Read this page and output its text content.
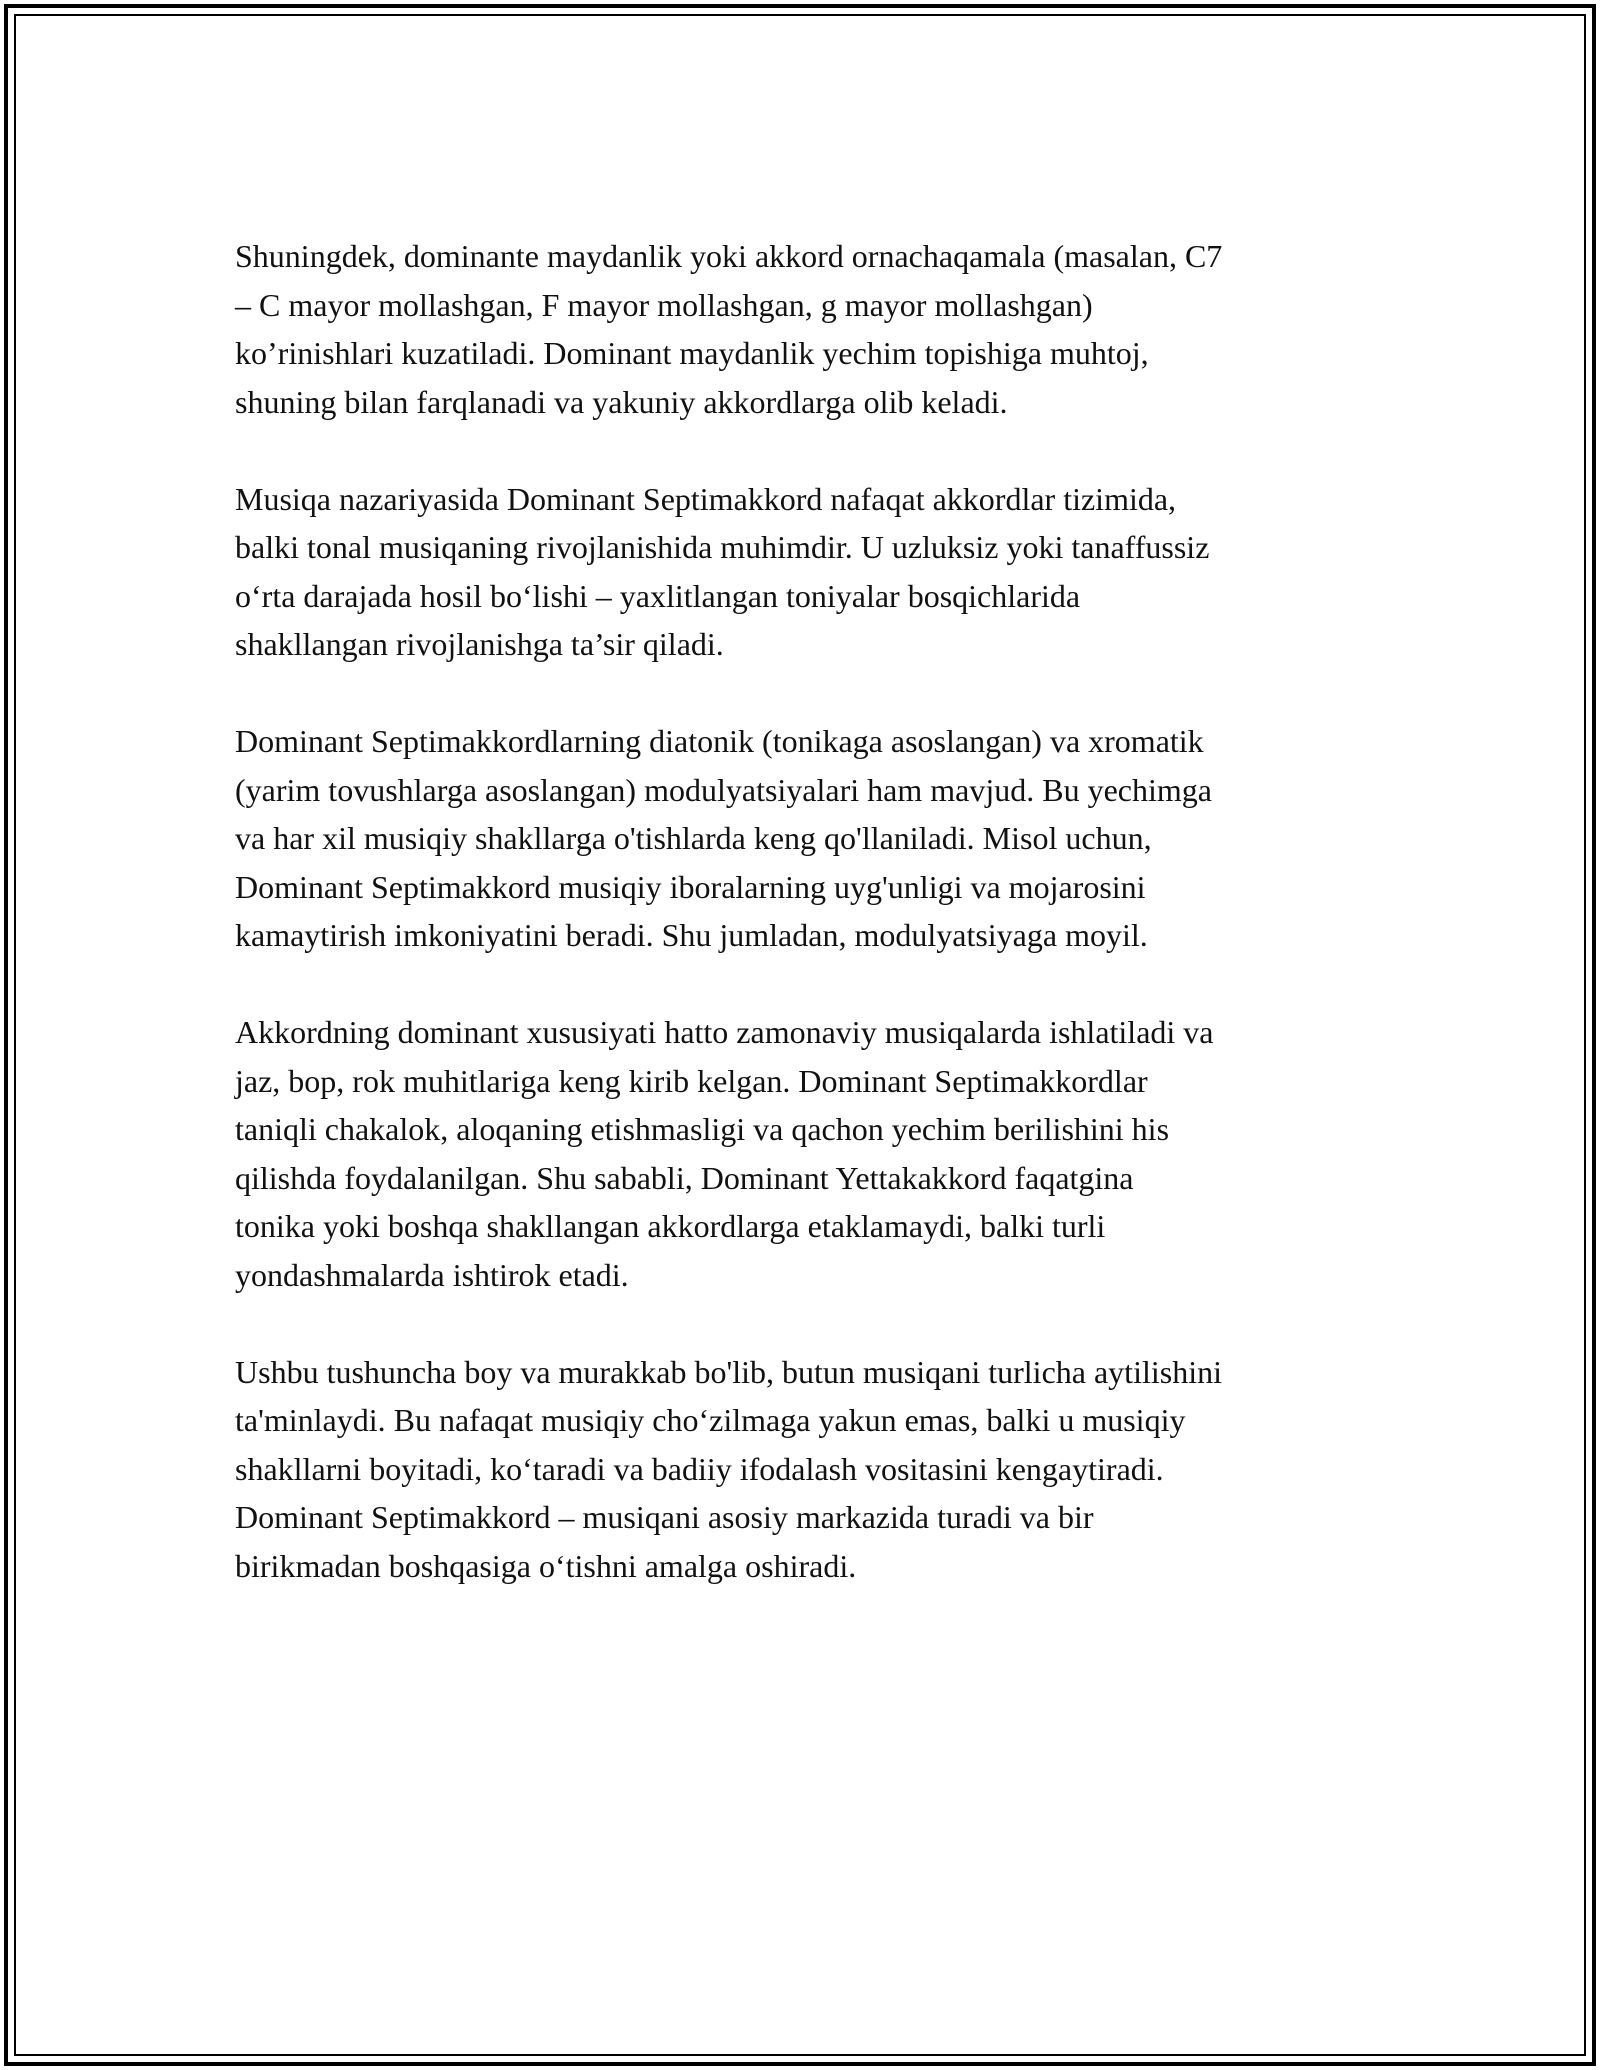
Shuningdek, dominante maydanlik yoki akkord ornachaqamala (masalan, C7
– C mayor mollashgan, F mayor mollashgan, g mayor mollashgan)
ko’rinishlari kuzatiladi. Dominant maydanlik yechim topishiga muhtoj,
shuning bilan farqlanadi va yakuniy akkordlarga olib keladi.

Musiqa nazariyasida Dominant Septimakkord nafaqat akkordlar tizimida,
balki tonal musiqaning rivojlanishida muhimdir. U uzluksiz yoki tanaffussiz
o‘rta darajada hosil bo‘lishi – yaxlitlangan toniyalar bosqichlarida
shakllangan rivojlanishga ta’sir qiladi.

Dominant Septimakkordlarning diatonik (tonikaga asoslangan) va xromatik
(yarim tovushlarga asoslangan) modulyatsiyalari ham mavjud. Bu yechimga
va har xil musiqiy shakllarga o'tishlarda keng qo'llaniladi. Misol uchun,
Dominant Septimakkord musiqiy iboralarning uyg'unligi va mojarosini
kamaytirish imkoniyatini beradi. Shu jumladan, modulyatsiyaga moyil.

Akkordning dominant xususiyati hatto zamonaviy musiqalarda ishlatiladi va
jaz, bop, rok muhitlariga keng kirib kelgan. Dominant Septimakkordlar
taniqli chakalok, aloqaning etishmasligi va qachon yechim berilishini his
qilishda foydalanilgan. Shu sababli, Dominant Yettakakkord faqatgina
tonika yoki boshqa shakllangan akkordlarga etaklamaydi, balki turli
yondashmalarda ishtirok etadi.

Ushbu tushuncha boy va murakkab bo'lib, butun musiqani turlicha aytilishini
ta'minlaydi. Bu nafaqat musiqiy cho‘zilmaga yakun emas, balki u musiqiy
shakllarni boyitadi, ko‘taradi va badiiy ifodalash vositasini kengaytiradi.
Dominant Septimakkord – musiqani asosiy markazida turadi va bir
birikmadan boshqasiga o‘tishni amalga oshiradi.
